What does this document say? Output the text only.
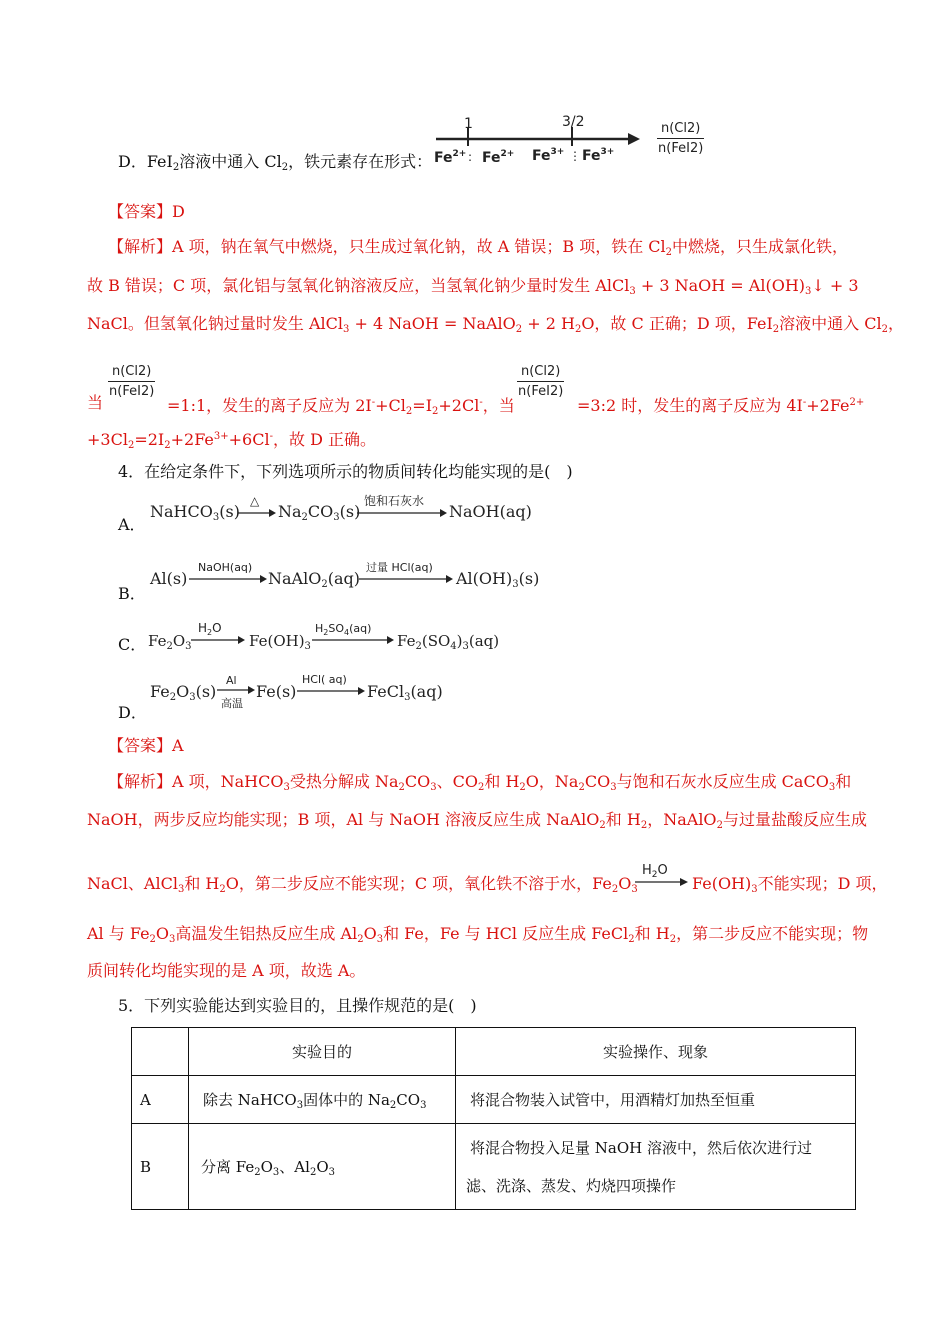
D．FeI$_2$溶液中通入 $Cl_2$，铁元素存在形式：
1	3/2
$Fe^{2+}$ : $Fe^{2+}$ $Fe^{3+}$ ⋮ $Fe^{3+}$
n(Cl2)
n(FeI2)
【答案】D
【解析】A 项，钠在氧气中燃烧，只生成过氧化钠，故 A 错误；B 项，铁在 $Cl_2$中燃烧，只生成氯化铁，
故 B 错误；C 项，氯化铝与氢氧化钠溶液反应，当氢氧化钠少量时发生 AlCl$_3$ + 3 NaOH = $Al(OH)_3↓ + 3$
NaCl。但氢氧化钠过量时发生 AlCl$_3$ + 4 NaOH = NaAlO$_2$ + 2 $H_2O$，故 C 正确；D 项，FeI$_2$溶液中通入 $Cl_2$，
n(Cl2)
n(FeI2)
n(Cl2)
n(FeI2)
当	=1:1，发生的离子反应为 $2I^-+Cl_2=I_2+2Cl^-$，当	=3:2 时，发生的离子反应为 $4I^-+2Fe^{2+}$
$+3Cl_2=2I_2+2Fe^{3+}+6Cl^-$，故 D 正确。
4．在给定条件下，下列选项所示的物质间转化均能实现的是(　)
A．
NaHCO$_3$(s)
△
$Na_2CO_3(s)$
饱和石灰水
NaOH(aq)
B．
Al(s)
NaOH(aq)
NaAlO$_2$(aq)
过量 HCl(aq)
$Al(OH)_3(s)$
C． $Fe_2O_3$
$H_2O$
$Fe(OH)_3$
$H_2SO_4(aq)$
$Fe_2(SO_4)_3(aq)$
D．
$Fe_2O_3(s)$
Al
高温
Fe(s)
HCl( aq)
FeCl$_3$(aq)
【答案】A
【解析】A 项，NaHCO$_3$受热分解成 $Na_2CO_3$、$CO_2$和 $H_2O$，$Na_2CO_3$与饱和石灰水反应生成 CaCO$_3$和
NaOH，两步反应均能实现；B 项，Al 与 NaOH 溶液反应生成 NaAlO$_2$和 $H_2$，NaAlO$_2$与过量盐酸反应生成
NaCl、AlCl$_3$和 $H_2O$，第二步反应不能实现；C 项，氧化铁不溶于水，$Fe_2O_3$
$H_2O$
$Fe(OH)_3$不能实现；D 项，
Al 与 $Fe_2O_3$高温发生铝热反应生成 $Al_2O_3$和 Fe，Fe 与 HCl 反应生成 FeCl$_2$和 $H_2$，第二步反应不能实现；物
质间转化均能实现的是 A 项，故选 A。
5．下列实验能达到实验目的，且操作规范的是(　)
	实验目的	实验操作、现象
A	除去 NaHCO$_3$固体中的 $Na_2CO_3$	将混合物装入试管中，用酒精灯加热至恒重
B	分离 $Fe_2O_3$、$Al_2O_3$	将混合物投入足量 NaOH 溶液中，然后依次进行过
滤、洗涤、蒸发、灼烧四项操作
